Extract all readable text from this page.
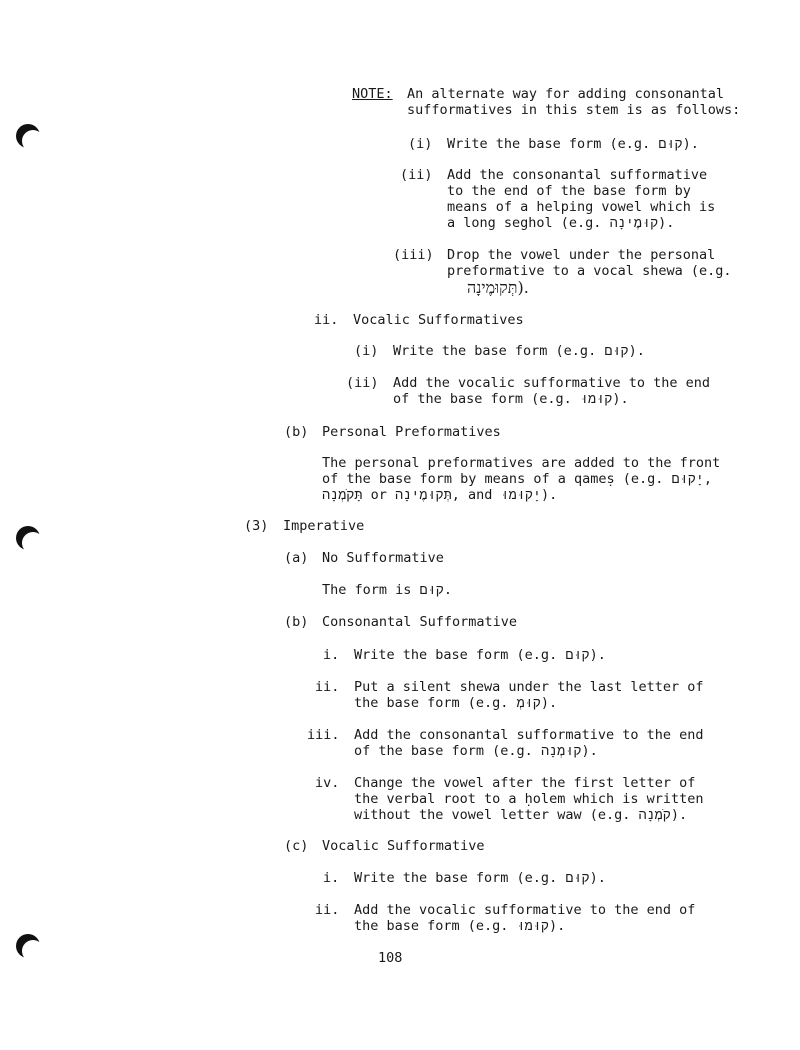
NOTE: An alternate way for adding consonantal
sufformatives in this stem is as follows:
(i) Write the base form (e.g. קוּם).
(ii) Add the consonantal sufformative
to the end of the base form by
means of a helping vowel which is
a long seghol (e.g. קוּמֶינָה).
(iii) Drop the vowel under the personal
preformative to a vocal shewa (e.g.
תְּקוּמֶינָה).
ii. Vocalic Sufformatives
(i) Write the base form (e.g. קוּם).
(ii) Add the vocalic sufformative to the end
of the base form (e.g. קוּמוּ).
(b) Personal Preformatives
The personal preformatives are added to the front
of the base form by means of a qameṣ (e.g. יָקוּם,
תָּקֹמְנָה or תְּקוּמֶינָה, and יָקוּמוּ).
(3) Imperative
(a) No Sufformative
The form is קוּם.
(b) Consonantal Sufformative
i. Write the base form (e.g. קוּם).
ii. Put a silent shewa under the last letter of
the base form (e.g. קוּמְ).
iii. Add the consonantal sufformative to the end
of the base form (e.g. קוּמְנָה).
iv. Change the vowel after the first letter of
the verbal root to a ḥolem which is written
without the vowel letter waw (e.g. קֹמְנָה).
(c) Vocalic Sufformative
i. Write the base form (e.g. קוּם).
ii. Add the vocalic sufformative to the end of
the base form (e.g. קוּמוּ).
108
